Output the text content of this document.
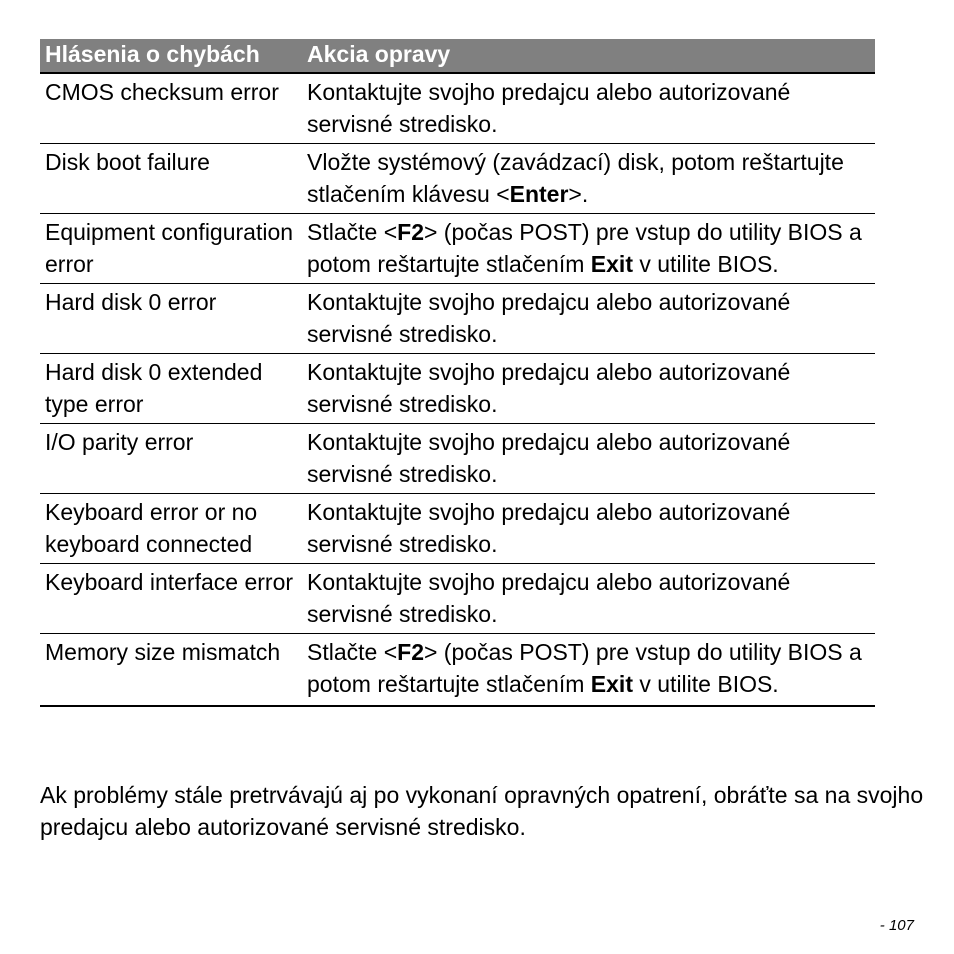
Hlásenia o chybách	Akcia opravy
CMOS checksum error	Kontaktujte svojho predajcu alebo autorizované servisné stredisko.
Disk boot failure	Vložte systémový (zavádzací) disk, potom reštartujte stlačením klávesu <Enter>.
Equipment configuration error	Stlačte <F2> (počas POST) pre vstup do utility BIOS a potom reštartujte stlačením Exit v utilite BIOS.
Hard disk 0 error	Kontaktujte svojho predajcu alebo autorizované servisné stredisko.
Hard disk 0 extended type error	Kontaktujte svojho predajcu alebo autorizované servisné stredisko.
I/O parity error	Kontaktujte svojho predajcu alebo autorizované servisné stredisko.
Keyboard error or no keyboard connected	Kontaktujte svojho predajcu alebo autorizované servisné stredisko.
Keyboard interface error	Kontaktujte svojho predajcu alebo autorizované servisné stredisko.
Memory size mismatch	Stlačte <F2> (počas POST) pre vstup do utility BIOS a potom reštartujte stlačením Exit v utilite BIOS.

Ak problémy stále pretrvávajú aj po vykonaní opravných opatrení, obráťte sa na svojho predajcu alebo autorizované servisné stredisko.

- 107
